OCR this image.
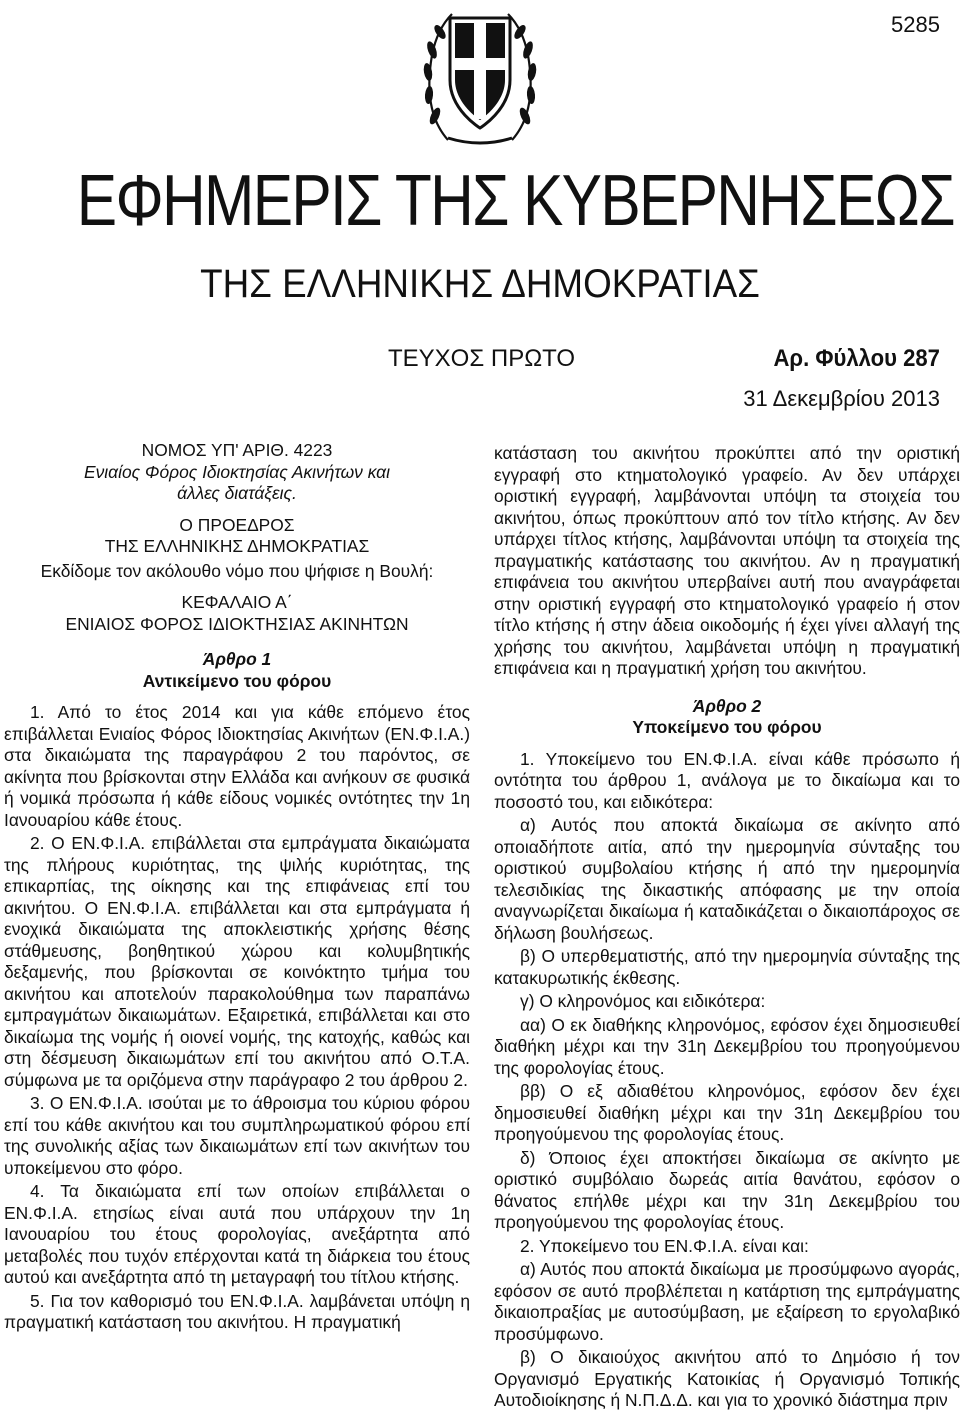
5285
ΕΦΗΜΕΡΙΣ ΤΗΣ ΚΥΒΕΡΝΗΣΕΩΣ
ΤΗΣ ΕΛΛΗΝΙΚΗΣ ΔΗΜΟΚΡΑΤΙΑΣ
ΤΕΥΧΟΣ ΠΡΩΤΟ	Αρ. Φύλλου 287
31 Δεκεμβρίου 2013

ΝΟΜΟΣ ΥΠ' ΑΡΙΘ. 4223

Ενιαίος Φόρος Ιδιοκτησίας Ακινήτων και

άλλες διατάξεις.

Ο ΠΡΟΕΔΡΟΣ

ΤΗΣ ΕΛΛΗΝΙΚΗΣ ΔΗΜΟΚΡΑΤΙΑΣ

Εκδίδομε τον ακόλουθο νόμο που ψήφισε η Βουλή:

ΚΕΦΑΛΑΙΟ Α΄

ΕΝΙΑΙΟΣ ΦΟΡΟΣ ΙΔΙΟΚΤΗΣΙΑΣ ΑΚΙΝΗΤΩΝ

Άρθρο 1

Αντικείμενο του φόρου

1. Από το έτος 2014 και για κάθε επόμενο έτος επιβάλλεται Ενιαίος Φόρος Ιδιοκτησίας Ακινήτων (ΕΝ.Φ.Ι.Α.) στα δικαιώματα της παραγράφου 2 του παρόντος, σε ακίνητα που βρίσκονται στην Ελλάδα και ανήκουν σε φυσικά ή νομικά πρόσωπα ή κάθε είδους νομικές οντότητες την 1η Ιανουαρίου κάθε έτους.

2. Ο ΕΝ.Φ.Ι.Α. επιβάλλεται στα εμπράγματα δικαιώματα της πλήρους κυριότητας, της ψιλής κυριότητας, της επικαρπίας, της οίκησης και της επιφάνειας επί του ακινήτου. Ο ΕΝ.Φ.Ι.Α. επιβάλλεται και στα εμπράγματα ή ενοχικά δικαιώματα της αποκλειστικής χρήσης θέσης στάθμευσης, βοηθητικού χώρου και κολυμβητικής δεξαμενής, που βρίσκονται σε κοινόκτητο τμήμα του ακινήτου και αποτελούν παρακολούθημα των παραπάνω εμπραγμάτων δικαιωμάτων. Εξαιρετικά, επιβάλλεται και στο δικαίωμα της νομής ή οιονεί νομής, της κατοχής, καθώς και στη δέσμευση δικαιωμάτων επί του ακινήτου από Ο.Τ.Α. σύμφωνα με τα οριζόμενα στην παράγραφο 2 του άρθρου 2.

3. Ο ΕΝ.Φ.Ι.Α. ισούται με το άθροισμα του κύριου φόρου επί του κάθε ακινήτου και του συμπληρωματικού φόρου επί της συνολικής αξίας των δικαιωμάτων επί των ακινήτων του υποκείμενου στο φόρο.

4. Τα δικαιώματα επί των οποίων επιβάλλεται ο ΕΝ.Φ.Ι.Α. ετησίως είναι αυτά που υπάρχουν την 1η Ιανουαρίου του έτους φορολογίας, ανεξάρτητα από μεταβολές που τυχόν επέρχονται κατά τη διάρκεια του έτους αυτού και ανεξάρτητα από τη μεταγραφή του τίτλου κτήσης.

5. Για τον καθορισμό του ΕΝ.Φ.Ι.Α. λαμβάνεται υπόψη η πραγματική κατάσταση του ακινήτου. Η πραγματική

κατάσταση του ακινήτου προκύπτει από την οριστική εγγραφή στο κτηματολογικό γραφείο. Αν δεν υπάρχει οριστική εγγραφή, λαμβάνονται υπόψη τα στοιχεία του ακινήτου, όπως προκύπτουν από τον τίτλο κτήσης. Αν δεν υπάρχει τίτλος κτήσης, λαμβάνονται υπόψη τα στοιχεία της πραγματικής κατάστασης του ακινήτου. Αν η πραγματική επιφάνεια του ακινήτου υπερβαίνει αυτή που αναγράφεται στην οριστική εγγραφή στο κτηματολογικό γραφείο ή στον τίτλο κτήσης ή στην άδεια οικοδομής ή έχει γίνει αλλαγή της χρήσης του ακινήτου, λαμβάνεται υπόψη η πραγματική επιφάνεια και η πραγματική χρήση του ακινήτου.

Άρθρο 2

Υποκείμενο του φόρου

1. Υποκείμενο του ΕΝ.Φ.Ι.Α. είναι κάθε πρόσωπο ή οντότητα του άρθρου 1, ανάλογα με το δικαίωμα και το ποσοστό του, και ειδικότερα:

α) Αυτός που αποκτά δικαίωμα σε ακίνητο από οποιαδήποτε αιτία, από την ημερομηνία σύνταξης του οριστικού συμβολαίου κτήσης ή από την ημερομηνία τελεσιδικίας της δικαστικής απόφασης με την οποία αναγνωρίζεται δικαίωμα ή καταδικάζεται ο δικαιοπάροχος σε δήλωση βουλήσεως.

β) Ο υπερθεματιστής, από την ημερομηνία σύνταξης της κατακυρωτικής έκθεσης.

γ) Ο κληρονόμος και ειδικότερα:

αα) Ο εκ διαθήκης κληρονόμος, εφόσον έχει δημοσιευθεί διαθήκη μέχρι και την 31η Δεκεμβρίου του προηγούμενου της φορολογίας έτους.

ββ) Ο εξ αδιαθέτου κληρονόμος, εφόσον δεν έχει δημοσιευθεί διαθήκη μέχρι και την 31η Δεκεμβρίου του προηγούμενου της φορολογίας έτους.

δ) Όποιος έχει αποκτήσει δικαίωμα σε ακίνητο με οριστικό συμβόλαιο δωρεάς αιτία θανάτου, εφόσον ο θάνατος επήλθε μέχρι και την 31η Δεκεμβρίου του προηγούμενου της φορολογίας έτους.

2. Υποκείμενο του ΕΝ.Φ.Ι.Α. είναι και:

α) Αυτός που αποκτά δικαίωμα με προσύμφωνο αγοράς, εφόσον σε αυτό προβλέπεται η κατάρτιση της εμπράγματης δικαιοπραξίας με αυτοσύμβαση, με εξαίρεση το εργολαβικό προσύμφωνο.

β) Ο δικαιούχος ακινήτου από το Δημόσιο ή τον Οργανισμό Εργατικής Κατοικίας ή Οργανισμό Τοπικής Αυτοδιοίκησης ή Ν.Π.Δ.Δ. και για το χρονικό διάστημα πριν
